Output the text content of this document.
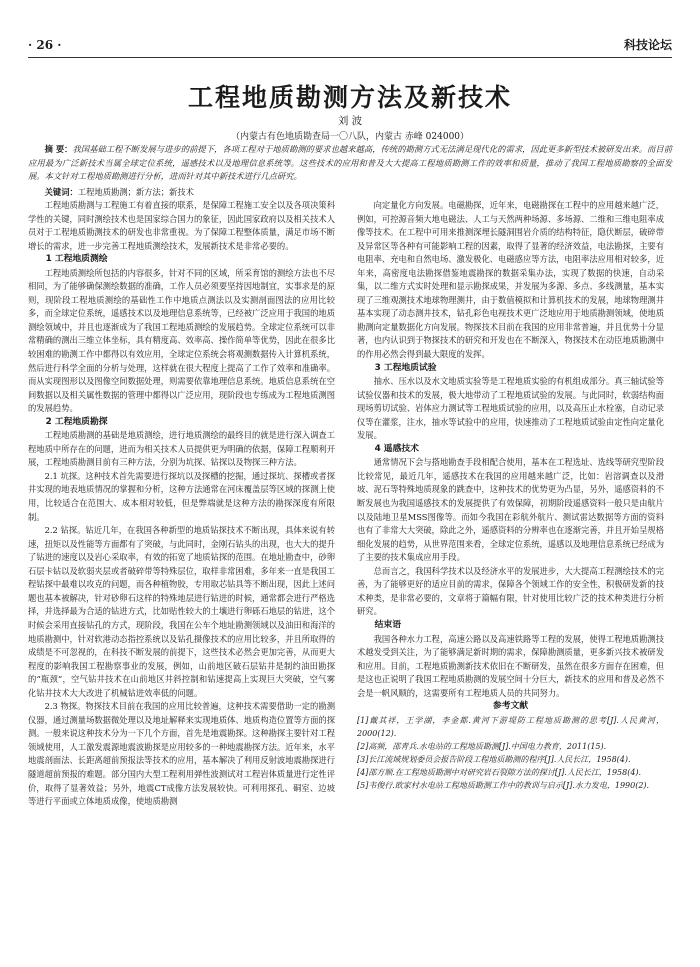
· 26 ·	科技论坛
工程地质勘测方法及新技术
刘 波
（内蒙古有色地质勘查局一〇八队，内蒙古 赤峰 024000）
摘 要：我国基础工程不断发展与进步的前提下，各项工程对于地质勘测的要求也越来越高，传统的勘测方式无法满足现代化的需求，因此更多新型技术被研发出来。而目前应用最为广泛新技术当属全球定位系统，遥感技术以及地理信息系统等。这些技术的应用和普及大大提高工程地质勘测工作的效率和质量，推动了我国工程地质勘察的全面发展。本文针对工程地质勘测进行分析，进而针对其中新技术进行几点研究。
关键词：工程地质勘测；新方法；新技术

工程地质勘测与工程施工有着直接的联系，是保障工程施工安全以及各项决策科学性的关键，同时测绘技术也是国家综合国力的象征，因此国家政府以及相关技术人员对于工程地质勘测技术的研发也非常重视。为了保障工程整体质量，满足市场不断增长的需求，进一步完善工程地质测绘技术，发展新技术是非常必要的。

1 工程地质测绘

工程地质测绘所包括的内容很多，针对不同的区域，所采育馆的测绘方法也不尽相同，为了能够确保测绘数据的准确，工作人员必须要坚持因地制宜，实事求是的原则，现阶段工程地质测绘的基础性工作中地质点测法以及实测剖面图法的应用比较多，而全球定位系统，遥感技术以及地理信息系统等，已经被广泛应用于我国的地质测绘领域中，并且也逐渐成为了我国工程地质测绘的发展趋势。全球定位系统可以非常精确的测出三维立体坐标，具有精度高、效率高、操作简单等优势，因此在很多比较困难的勘测工作中都得以有效应用，全球定位系统会将观测数据传入计算机系统，然后进行科学全面的分析与处理，这样就在很大程度上提高了工作了效率和准确率。而从实现图形以及图像空间数据处理，则需要依靠地理信息系统。地质信息系统在空间数据以及相关属性数据的管理中都得以广泛应用，现阶段也专练成为工程地质测图的发展趋势。

2 工程地质勘探

工程地质勘测的基础是地质测绘，进行地质测绘的最终目的就是进行深入调查工程地质中所存在的问题，进而为相关技术人员提供更为明确的依据，保障工程顺利开展，工程地质勘测目前有三种方法，分别为坑探、钻探以及物探三种方法。

2.1 坑探。这种技术首先需要进行探坑以及探槽的挖掘，通过探坑、探槽或者探井实现的地表地质情况的掌握和分析，这种方法通常在河床覆盖层等区域的探测上使用，比较适合在范围大、成本相对较低，但是弊端就是这种方法的勘探深度有所限制。

2.2 钻探。钻近几年，在我国各种新型的地质钻探技术不断出现，具体来说有转速，扭矩以及性能等方面都有了突破，与此同时，金刚石钻头的出现，也大大的提升了钻进的速度以及岩心采取率，有效的拓宽了地质钻探的范围。在地址勘查中，砂卵石层卡钻以及软弱夹层或者破碎带等特殊层位，取样非常困难，多年来一直是我国工程钻探中最难以攻克的问题，而各种植物胶，专用取芯钻具等不断出现，因此上述问题也基本被解决，针对砂卵石这样的特殊地层进行钻进的时候，通常都会进行严格选择，并选择最为合适的钻进方式，比如贴性较大的土壤进行卵砾石地层的钻进，这个时候会采用直接钻孔的方式，现阶段，我国在公车个地址勘测领域以及油田和海洋的地质勘测中，针对软港动态指控系统以及钻孔摄像技术的应用比较多，并且所取得的成绩是不可忽视的，在科技不断发展的前提下，这些技术必然会更加完善，从而更大程度的影响我国工程勘察事业的发展，例如，山前地区破石层钻井是制约油田勘探的“瓶颈”，空气钻井技术在山前地区井斜控制和钻速提高上实现巨大突破，空气雾化钻井技术大大改进了机械钻进效率低的问题。

2.3 物探。物探技术目前在我国的应用比较普遍，这种技术需要借助一定的勘测仪器，通过测量场数据微处理以及地址解释来实现地质体、地质构造位置等方面的探测。一般来说这种技术分为一下几个方面，首先是地震勘探。这种勘探主要针对工程领域使用，人工激发震源地震波勘探是应用较多的一种地震勘探方法。近年来，水平地震剖面法、长距离超前预报法等技术的应用，基本解决了利用反射波地震勘探进行隧道超前预报的难题。部分国内大型工程利用弹性波测试对工程岩体质量进行定性评价，取得了显著效益；另外，地震CT成像方法发展较快。可利用探孔、硐室、边坡等进行平面或立体地质成像，使地质勘测

向定量化方向发展。电磁勘探，近年来，电磁勘探在工程中的应用越来越广泛，例如，可控源音频大地电磁法、人工与天然两种场源、多场源、二维和三维电阻率成像等技术。在工程中可用来推测深埋长隧洞围岩介质的结构特征，隐伏断层，破碎带及异常区等各种有可能影响工程的因素，取得了显著的经济效益，电法勘探，主要有电阻率、充电和自然电场、激发极化、电磁感应等方法，电阻率法应用相对较多，近年来，高密度电法勘探借鉴地震勘探的数据采集办法，实现了数据的快速，自动采集，以二维方式实时处理和显示勘探成果，并发展为多源、多点、多线测量，基本实现了三维观测技术地球物理测井，由于数值模拟和计算机技术的发展，地球物理测井基本实现了动态测井技术，钻孔彩色电视技术更广泛地应用于地质勘测领域，使地质勘测向定量数据化方向发展。物探技术目前在我国的应用非常普遍，并且优势十分显著，也内认识到于物探技术的研究和开发也在不断深入，物探技术在动臣地质勘测中的作用必然会得到最大限度的发挥。

3 工程地质试验

抽水、压水以及水文地质实验等是工程地质实验的有机组成部分。真三轴试验等试验仪器和技术的发展，极大地带动了工程地质试验的发展。与此同时，软弱结构面现场剪切试验、岩体应力测试等工程地质试验的应用，以及高压止水栓塞，自动记录仪等在灌浆，注水，抽水等试验中的应用，快速推动了工程地质试验由定性向定量化发展。

4 遥感技术

通常情况下会与搭地勘查手段相配合使用，基本在工程选址、选线等研究型阶段比较常见，最近几年，遥感技术在我国的应用越来越广泛，比如：岩溶调查以及滑坡、泥石等特殊地质现象的跳查中，这种技术的优势更为凸显，另外，遥感资料的不断发展也为我国遥感技术的发展提供了有效保障，初期阶段遥感资料一般只是由航片以及陆地卫星MSS图像等。而如今我国在彩航外航片、测试雷达数据等方面的资料也有了非常大大突破，除此之外，遥感资料的分辨率也在逐渐完善，并且开始呈规格细化发展的趋势，从世界范围来看，全球定位系统，遥感以及地理信息系统已经成为了主要的技术集成应用手段。

总而言之，我国科学技术以及经济水平的发展进步，大大提高工程测绘技术的完善，为了能够更好的适应目前的需求，保障各个领域工作的安全性，积极研发新的技术种类，是非常必要的，文章将于篇幅有限，针对使用比较广泛的技术种类进行分析研究。

结束语

我国各种水力工程，高速公路以及高速铁路等工程的发展，使得工程地质勘测技术越发受到关注，为了能够满足新时期的需求，保障勘测质量，更多新兴技术被研发和应用。目前，工程地质勘测新技术依旧在不断研发，虽然在很多方面存在困难，但是这也正说明了我国工程地质勘测的发展空间十分巨大，新技术的应用和普及必然不会是一帆风顺的，这需要所有工程地质人员的共同努力。

参考文献

[1]戴其祥，王学湖，李金都.黄河下游堤防工程地质勘测的思考[J].人民黄河，2000(12).

[2]高频，邵青兵.水电站的工程地质勘测[J].中国电力教育，2011(15).

[3]长江流域规划委员会报告阶段工程地质勘测的程序[J].人民长江，1958(4).

[4]邵方顺.在工程地质勘测中对研究岩石裂隙方法的探讨[J].人民长江，1958(4).

[5]韦俊行.欧家村水电站工程地质勘测工作中的教训与启示[J].水力发电，1990(2).
